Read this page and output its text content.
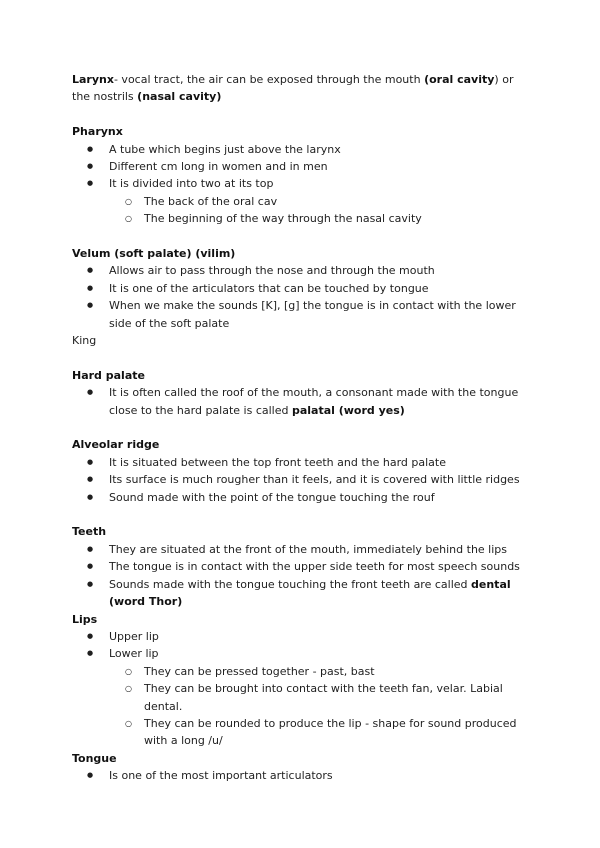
Larynx- vocal tract, the air can be exposed through the mouth (oral cavity) or the nostrils (nasal cavity)

Pharynx

● A tube which begins just above the larynx
● Different cm long in women and in men
● It is divided into two at its top
○ The back of the oral cav
○ The beginning of the way through the nasal cavity

Velum (soft palate) (vilim)

● Allows air to pass through the nose and through the mouth
● It is one of the articulators that can be touched by tongue
● When we make the sounds [K], [g] the tongue is in contact with the lower side of the soft palate

King

Hard palate

● It is often called the roof of the mouth, a consonant made with the tongue close to the hard palate is called palatal (word yes)

Alveolar ridge

● It is situated between the top front teeth and the hard palate
● Its surface is much rougher than it feels, and it is covered with little ridges
● Sound made with the point of the tongue touching the rouf

Teeth

● They are situated at the front of the mouth, immediately behind the lips
● The tongue is in contact with the upper side teeth for most speech sounds
● Sounds made with the tongue touching the front teeth are called dental (word Thor)

Lips

● Upper lip
● Lower lip
○ They can be pressed together - past, bast
○ They can be brought into contact with the teeth fan, velar. Labial dental.
○ They can be rounded to produce the lip - shape for sound produced with a long /u/

Tongue

● Is one of the most important articulators
